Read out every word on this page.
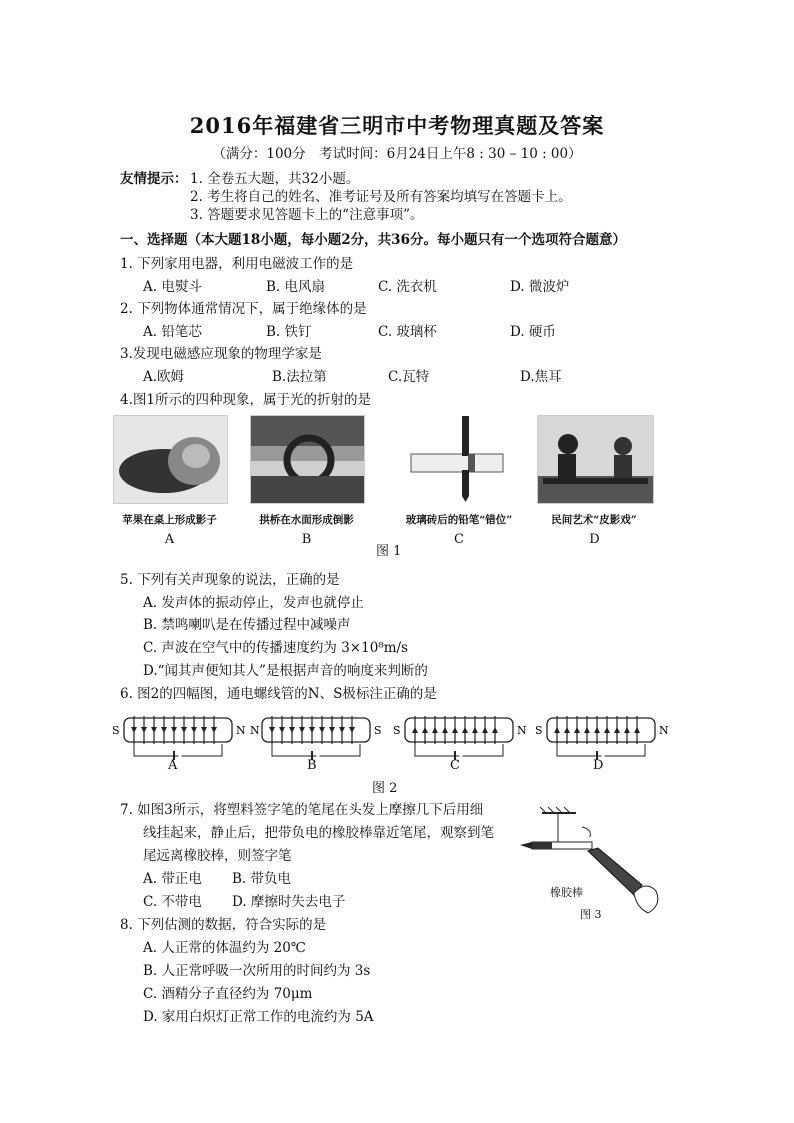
2016年福建省三明市中考物理真题及答案
（满分：100分　考试时间：6月24日上午8 : 30 – 10 : 00）
友情提示： 1. 全卷五大题，共32小题。
2. 考生将自己的姓名、准考证号及所有答案均填写在答题卡上。
3. 答题要求见答题卡上的“注意事项”。
一、选择题（本大题18小题，每小题2分，共36分。每小题只有一个选项符合题意）
1. 下列家用电器，利用电磁波工作的是
A. 电熨斗	B. 电风扇	C. 洗衣机	D. 微波炉
2. 下列物体通常情况下，属于绝缘体的是
A. 铅笔芯	B. 铁钉	C. 玻璃杯	D. 硬币
3.发现电磁感应现象的物理学家是
A.欧姆	B.法拉第	C.瓦特	D.焦耳
4.图1所示的四种现象，属于光的折射的是
苹果在桌上形成影子	拱桥在水面形成倒影	玻璃砖后的铅笔“错位”	民间艺术“皮影戏”
A	B	C	D
图 1
5. 下列有关声现象的说法，正确的是
A. 发声体的振动停止，发声也就停止
B. 禁鸣喇叭是在传播过程中减噪声
C. 声波在空气中的传播速度约为 3×10⁸m/s
D.“闻其声便知其人”是根据声音的响度来判断的
6. 图2的四幅图，通电螺线管的N、S极标注正确的是
S	N N	S S	N S	N
A	B	C	D
图 2
7. 如图3所示，将塑料签字笔的笔尾在头发上摩擦几下后用细
线挂起来，静止后，把带负电的橡胶棒靠近笔尾，观察到笔
尾远离橡胶棒，则签字笔
A. 带正电 B. 带负电
C. 不带电 D. 摩擦时失去电子
橡胶棒
图 3
8. 下列估测的数据，符合实际的是
A. 人正常的体温约为 20℃
B. 人正常呼吸一次所用的时间约为 3s
C. 酒精分子直径约为 70μm
D. 家用白炽灯正常工作的电流约为 5A
